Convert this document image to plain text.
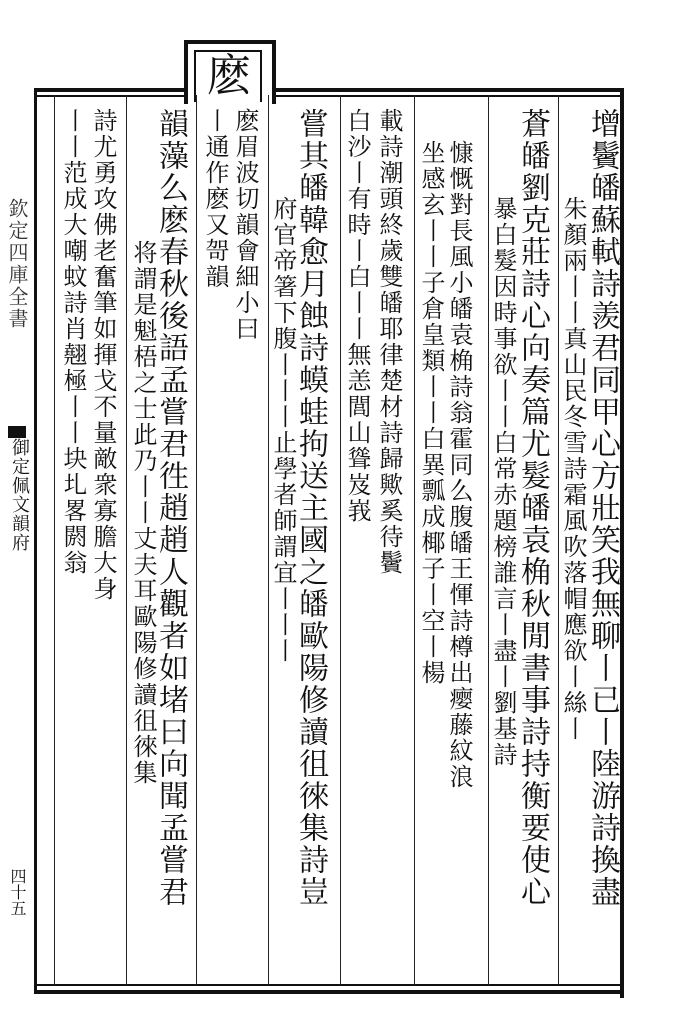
欽定四庫全書
御定佩文韻府
四十五
麽
增鬢皤蘇軾詩羨君同甲心方壯笑我無聊丨已丨陸游詩換盡
朱顏兩丨丨真山民冬雪詩霜風吹落帽應欲丨絲丨
蒼皤劉克莊詩心向奏篇尤髮皤袁桷秋閒書事詩持衡要使心
暴白髮因時事欲丨丨白常赤題榜誰言丨盡丨劉基詩
慷慨對長風小皤袁桷詩翁霍同么腹皤王惲詩樽出瘿藤紋浪
坐感玄丨丨子倉皇類丨丨白異瓢成椰子丨空丨楊
載詩潮頭終歲雙皤耶律楚材詩歸歟奚待鬢
白沙丨有時丨白丨丨無恙閭山聳岌峩
嘗其皤韓愈月蝕詩蟆蛙拘送主國之皤歐陽修讀徂徠集詩豈
府官帝箸下腹丨丨丨止學者師謂宜丨丨丨
麽眉波切韻會細小曰
丨通作麽又哿韻
韻藻么麽春秋後語孟嘗君徃趙趙人觀者如堵曰向聞孟嘗君
将謂是魁梧之士此乃丨丨丈夫耳歐陽修讀徂徠集
詩尤勇攻佛老奮筆如揮戈不量敵衆寡膽大身
丨丨范成大嘲蚊詩肖翹極丨丨块圠畧閼翁
